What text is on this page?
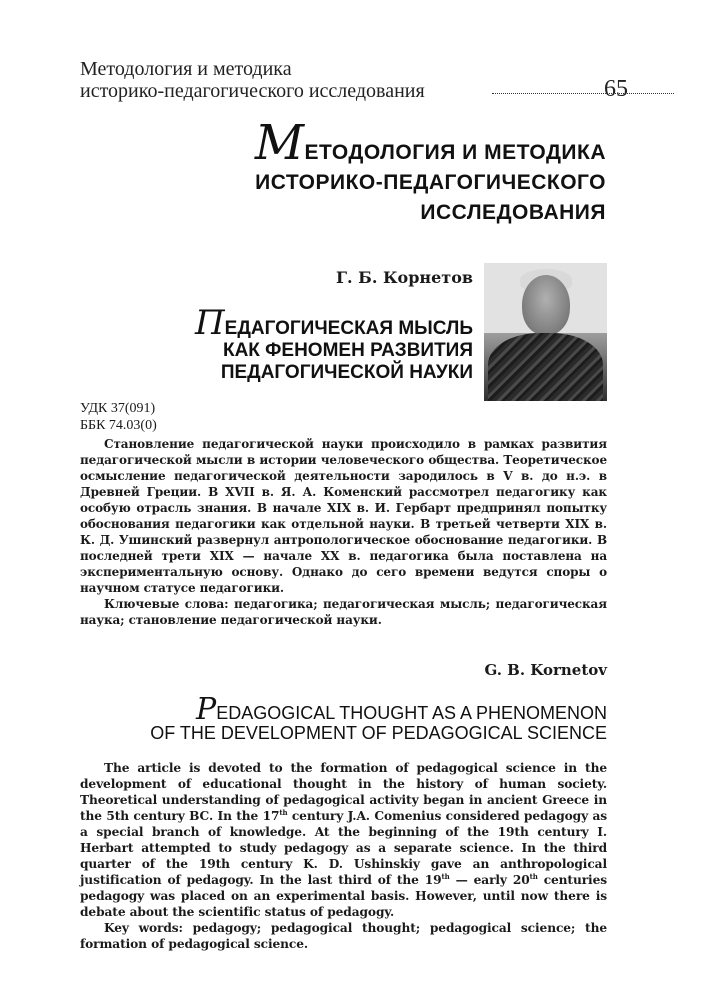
Методология и методика
историко-педагогического исследования	65
МЕТОДОЛОГИЯ И МЕТОДИКА
ИСТОРИКО-ПЕДАГОГИЧЕСКОГО
ИССЛЕДОВАНИЯ
Г. Б. Корнетов
ПЕДАГОГИЧЕСКАЯ МЫСЛЬ
КАК ФЕНОМЕН РАЗВИТИЯ
ПЕДАГОГИЧЕСКОЙ НАУКИ
УДК 37(091)
ББК 74.03(0)

Становление педагогической науки происходило в рамках развития педагогической мысли в истории человеческого общества. Теоретическое осмысление педагогической деятельности зародилось в V в. до н.э. в Древней Греции. В XVII в. Я. А. Коменский рассмотрел педагогику как особую отрасль знания. В начале XIX в. И. Гербарт предпринял попытку обоснования педагогики как отдельной науки. В третьей четверти XIX в. К. Д. Ушинский развернул антропологическое обоснование педагогики. В последней трети XIX — начале XX в. педагогика была поставлена на экспериментальную основу. Однако до сего времени ведутся споры о научном статусе педагогики.

Ключевые слова: педагогика; педагогическая мысль; педагогическая наука; становление педагогической науки.

G. B. Kornetov
PEDAGOGICAL THOUGHT AS A PHENOMENON
OF THE DEVELOPMENT OF PEDAGOGICAL SCIENCE

The article is devoted to the formation of pedagogical science in the development of educational thought in the history of human society. Theoretical understanding of pedagogical activity began in ancient Greece in the 5th century BC. In the 17th century J.A. Comenius considered pedagogy as a special branch of knowledge. At the beginning of the 19th century I. Herbart attempted to study pedagogy as a separate science. In the third quarter of the 19th century K. D. Ushinskiy gave an anthropological justification of pedagogy. In the last third of the 19th — early 20th centuries pedagogy was placed on an experimental basis. However, until now there is debate about the scientific status of pedagogy.

Key words: pedagogy; pedagogical thought; pedagogical science; the formation of pedagogical science.
